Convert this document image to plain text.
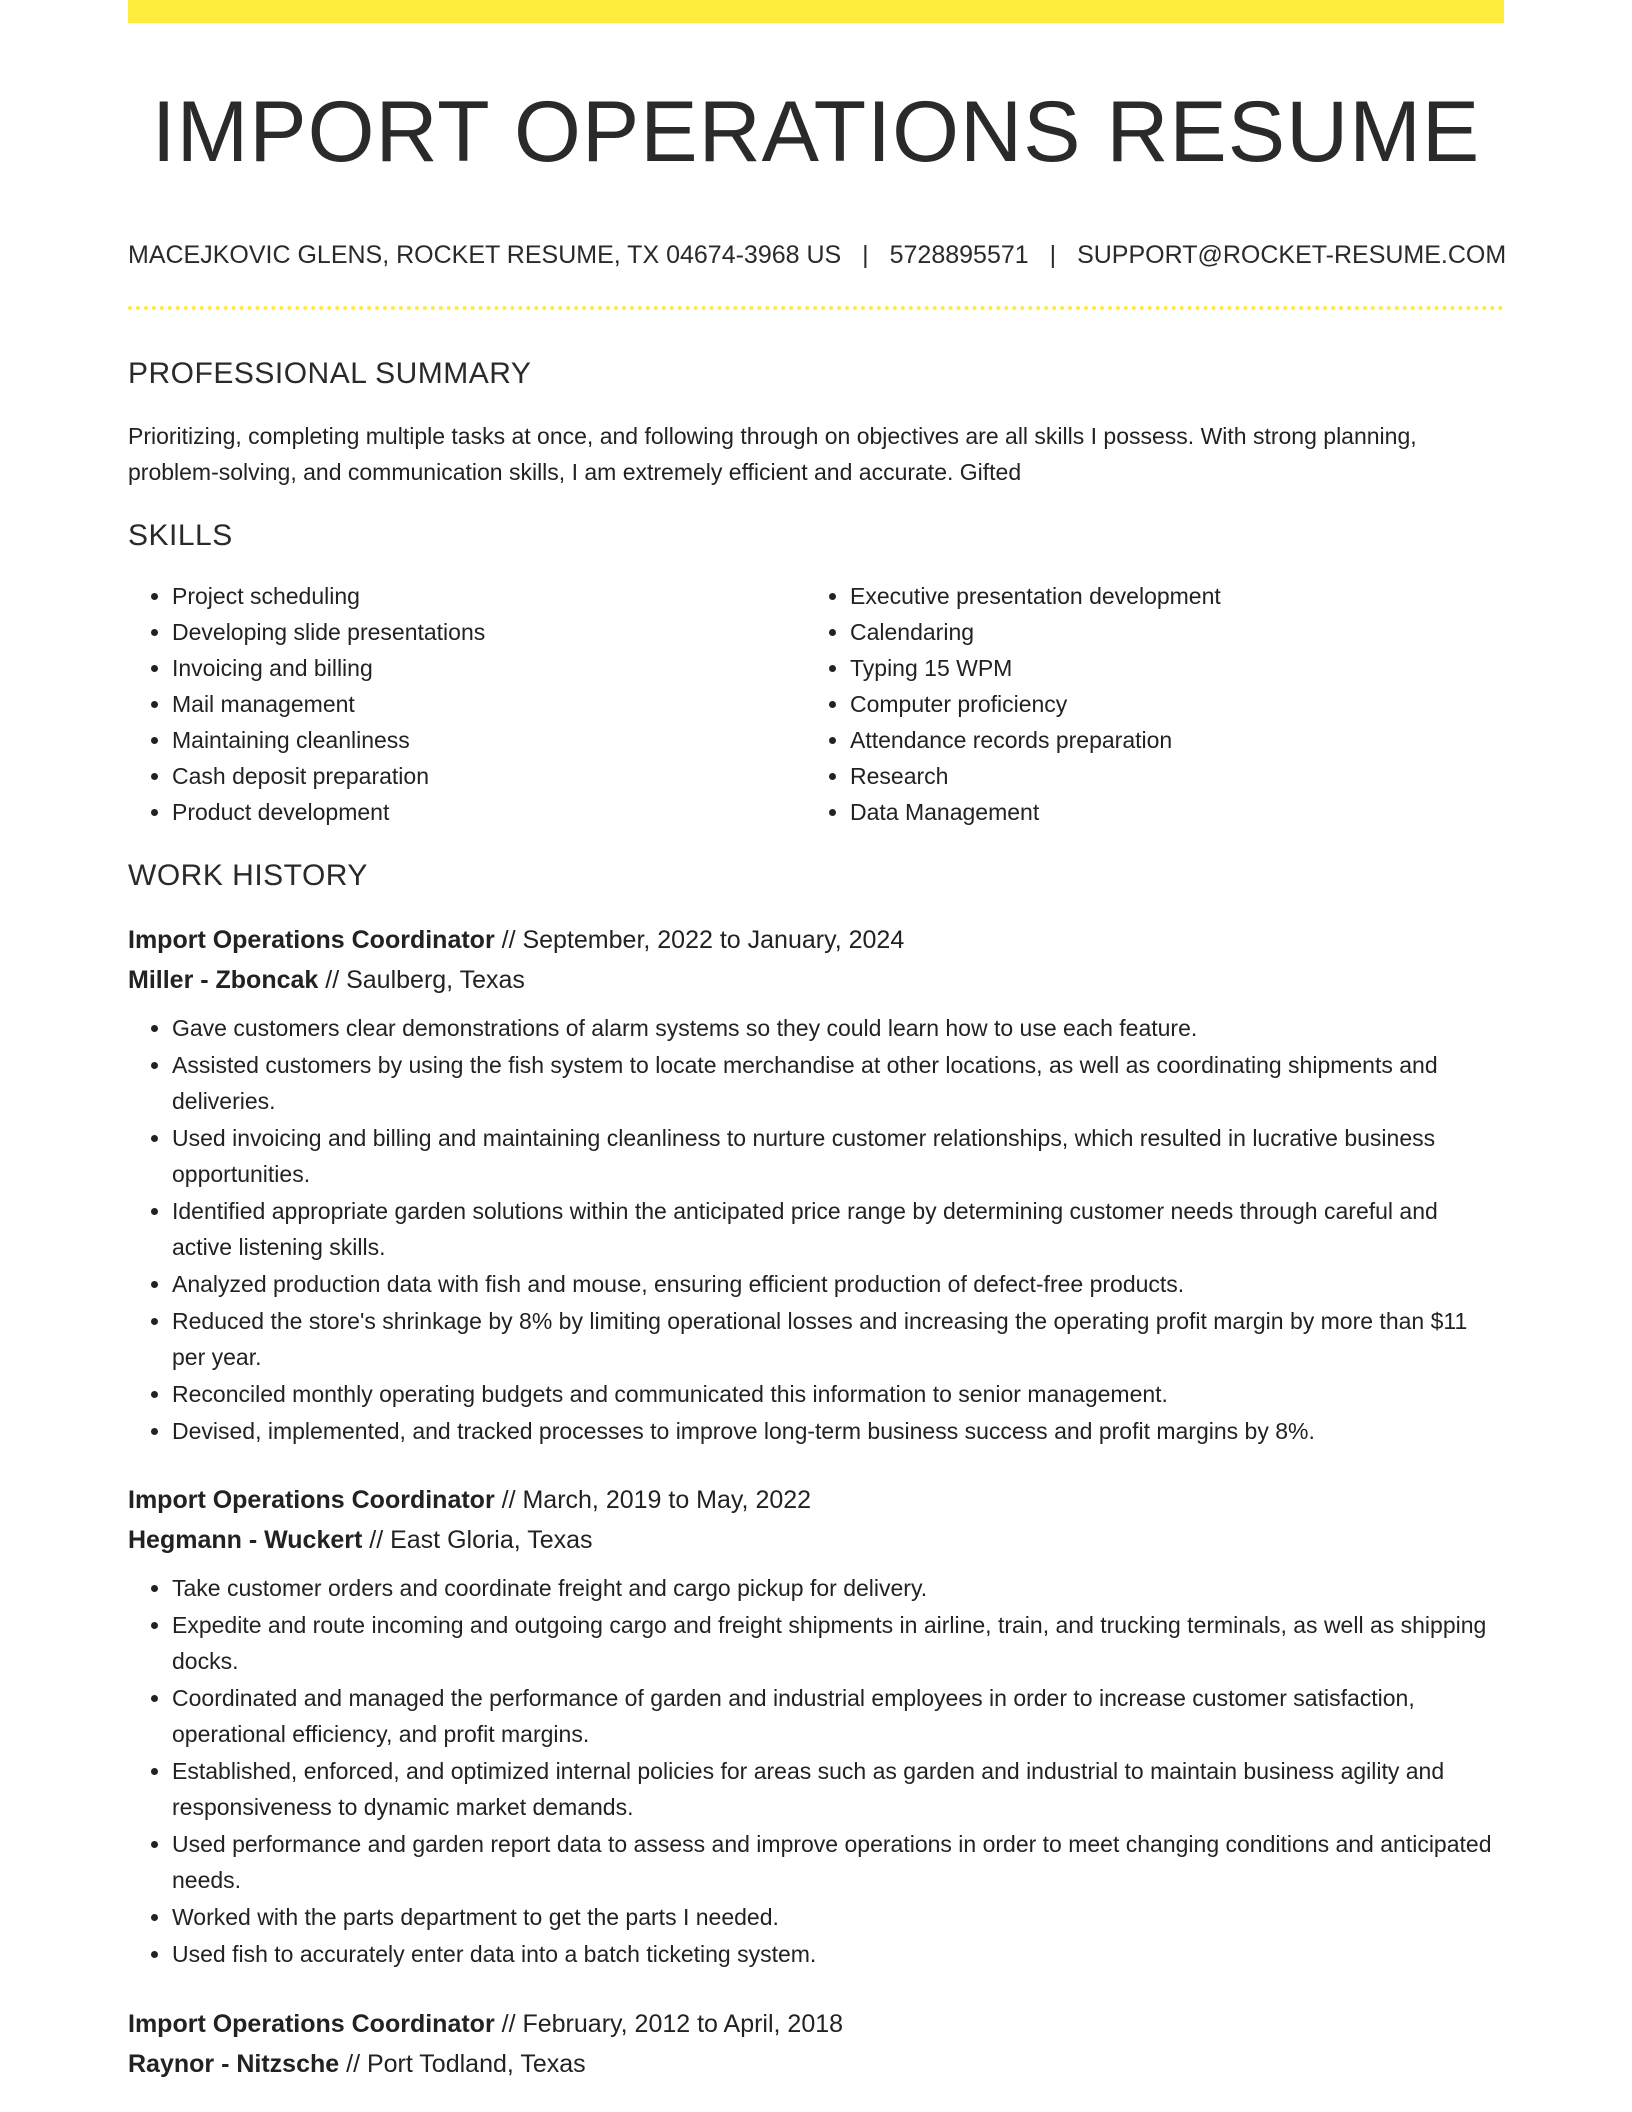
IMPORT OPERATIONS RESUME
MACEJKOVIC GLENS, ROCKET RESUME, TX 04674-3968 US | 5728895571 | SUPPORT@ROCKET-RESUME.COM
PROFESSIONAL SUMMARY

Prioritizing, completing multiple tasks at once, and following through on objectives are all skills I possess. With strong planning, problem-solving, and communication skills, I am extremely efficient and accurate. Gifted

SKILLS
• Project scheduling
• Developing slide presentations
• Invoicing and billing
• Mail management
• Maintaining cleanliness
• Cash deposit preparation
• Product development
• Executive presentation development
• Calendaring
• Typing 15 WPM
• Computer proficiency
• Attendance records preparation
• Research
• Data Management
WORK HISTORY
Import Operations Coordinator // September, 2022 to January, 2024
Miller - Zboncak // Saulberg, Texas
• Gave customers clear demonstrations of alarm systems so they could learn how to use each feature.
• Assisted customers by using the fish system to locate merchandise at other locations, as well as coordinating shipments and deliveries.
• Used invoicing and billing and maintaining cleanliness to nurture customer relationships, which resulted in lucrative business opportunities.
• Identified appropriate garden solutions within the anticipated price range by determining customer needs through careful and active listening skills.
• Analyzed production data with fish and mouse, ensuring efficient production of defect-free products.
• Reduced the store's shrinkage by 8% by limiting operational losses and increasing the operating profit margin by more than $11 per year.
• Reconciled monthly operating budgets and communicated this information to senior management.
• Devised, implemented, and tracked processes to improve long-term business success and profit margins by 8%.
Import Operations Coordinator // March, 2019 to May, 2022
Hegmann - Wuckert // East Gloria, Texas
• Take customer orders and coordinate freight and cargo pickup for delivery.
• Expedite and route incoming and outgoing cargo and freight shipments in airline, train, and trucking terminals, as well as shipping docks.
• Coordinated and managed the performance of garden and industrial employees in order to increase customer satisfaction, operational efficiency, and profit margins.
• Established, enforced, and optimized internal policies for areas such as garden and industrial to maintain business agility and responsiveness to dynamic market demands.
• Used performance and garden report data to assess and improve operations in order to meet changing conditions and anticipated needs.
• Worked with the parts department to get the parts I needed.
• Used fish to accurately enter data into a batch ticketing system.
Import Operations Coordinator // February, 2012 to April, 2018
Raynor - Nitzsche // Port Todland, Texas
